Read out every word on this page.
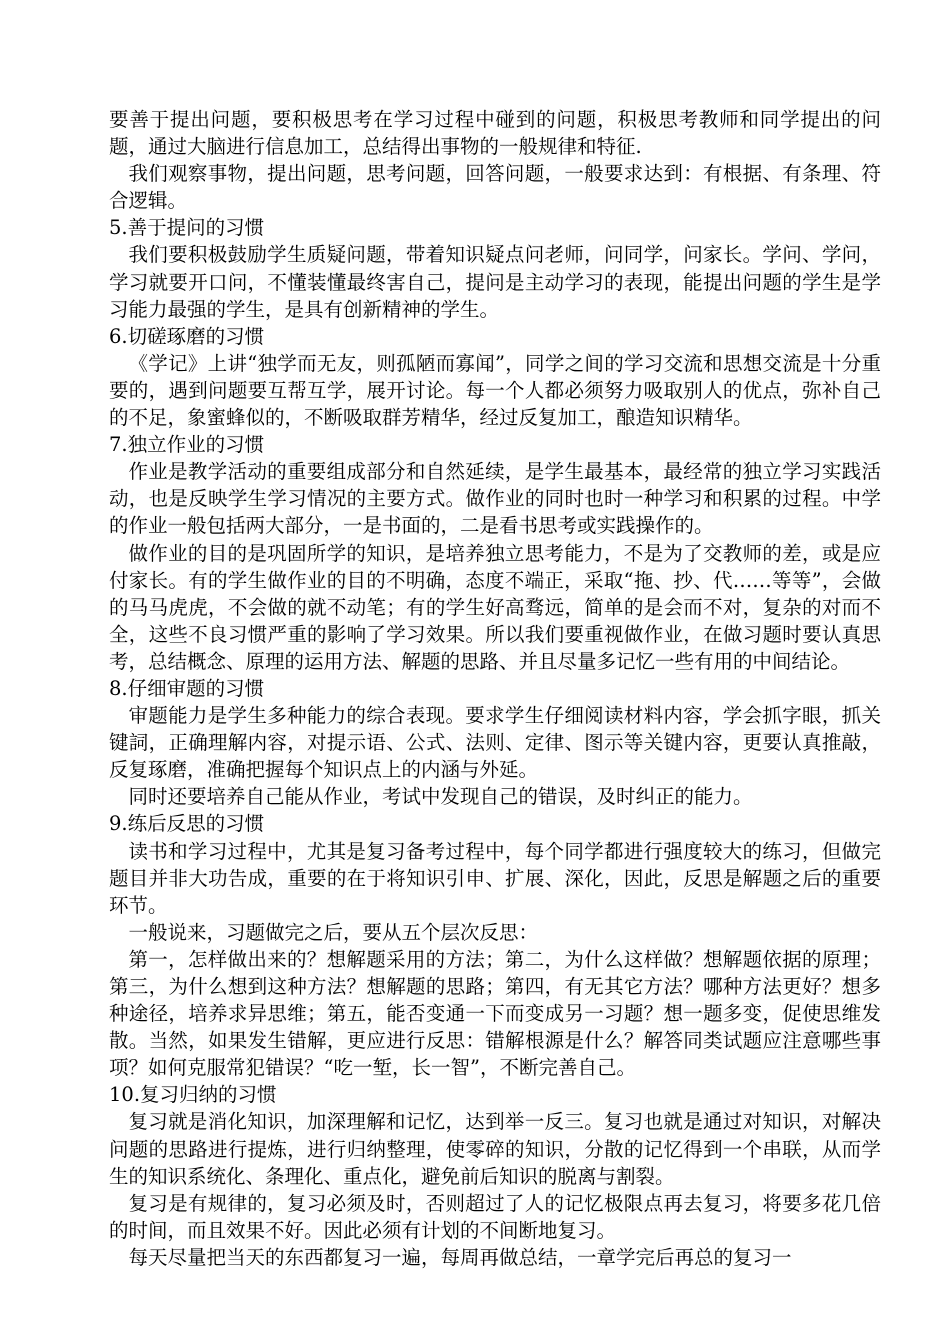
要善于提出问题，要积极思考在学习过程中碰到的问题，积极思考教师和同学提出的问题，通过大脑进行信息加工，总结得出事物的一般规律和特征.

我们观察事物，提出问题，思考问题，回答问题，一般要求达到：有根据、有条理、符合逻辑。

5.善于提问的习惯

我们要积极鼓励学生质疑问题，带着知识疑点问老师，问同学，问家长。学问、学问，学习就要开口问，不懂装懂最终害自己，提问是主动学习的表现，能提出问题的学生是学习能力最强的学生，是具有创新精神的学生。

6.切磋琢磨的习惯

《学记》上讲“独学而无友，则孤陋而寡闻”，同学之间的学习交流和思想交流是十分重要的，遇到问题要互帮互学，展开讨论。每一个人都必须努力吸取别人的优点，弥补自己的不足，象蜜蜂似的，不断吸取群芳精华，经过反复加工，酿造知识精华。

7.独立作业的习惯

作业是教学活动的重要组成部分和自然延续，是学生最基本，最经常的独立学习实践活动，也是反映学生学习情况的主要方式。做作业的同时也时一种学习和积累的过程。中学的作业一般包括两大部分，一是书面的，二是看书思考或实践操作的。

做作业的目的是巩固所学的知识，是培养独立思考能力，不是为了交教师的差，或是应付家长。有的学生做作业的目的不明确，态度不端正，采取“拖、抄、代……等等”，会做的马马虎虎，不会做的就不动笔；有的学生好高骛远，简单的是会而不对，复杂的对而不全，这些不良习惯严重的影响了学习效果。所以我们要重视做作业，在做习题时要认真思考，总结概念、原理的运用方法、解题的思路、并且尽量多记忆一些有用的中间结论。

8.仔细审题的习惯

审题能力是学生多种能力的综合表现。要求学生仔细阅读材料内容，学会抓字眼，抓关键詞，正确理解内容，对提示语、公式、法则、定律、图示等关键内容，更要认真推敲，反复琢磨，准确把握每个知识点上的内涵与外延。

同时还要培养自己能从作业，考试中发现自己的错误，及时纠正的能力。

9.练后反思的习惯

读书和学习过程中，尤其是复习备考过程中，每个同学都进行强度较大的练习，但做完题目并非大功告成，重要的在于将知识引申、扩展、深化，因此，反思是解题之后的重要环节。

一般说来，习题做完之后，要从五个层次反思：

第一，怎样做出来的？想解题采用的方法；第二，为什么这样做？想解题依据的原理；第三，为什么想到这种方法？想解题的思路；第四，有无其它方法？哪种方法更好？想多种途径，培养求异思维；第五，能否变通一下而变成另一习题？想一题多变，促使思维发散。当然，如果发生错解，更应进行反思：错解根源是什么？解答同类试题应注意哪些事项？如何克服常犯错误？“吃一堑，长一智”，不断完善自己。

10.复习归纳的习惯

复习就是消化知识，加深理解和记忆，达到举一反三。复习也就是通过对知识，对解决问题的思路进行提炼，进行归纳整理，使零碎的知识，分散的记忆得到一个串联，从而学生的知识系统化、条理化、重点化，避免前后知识的脱离与割裂。

复习是有规律的，复习必须及时，否则超过了人的记忆极限点再去复习，将要多花几倍的时间，而且效果不好。因此必须有计划的不间断地复习。

每天尽量把当天的东西都复习一遍，每周再做总结，一章学完后再总的复习一
